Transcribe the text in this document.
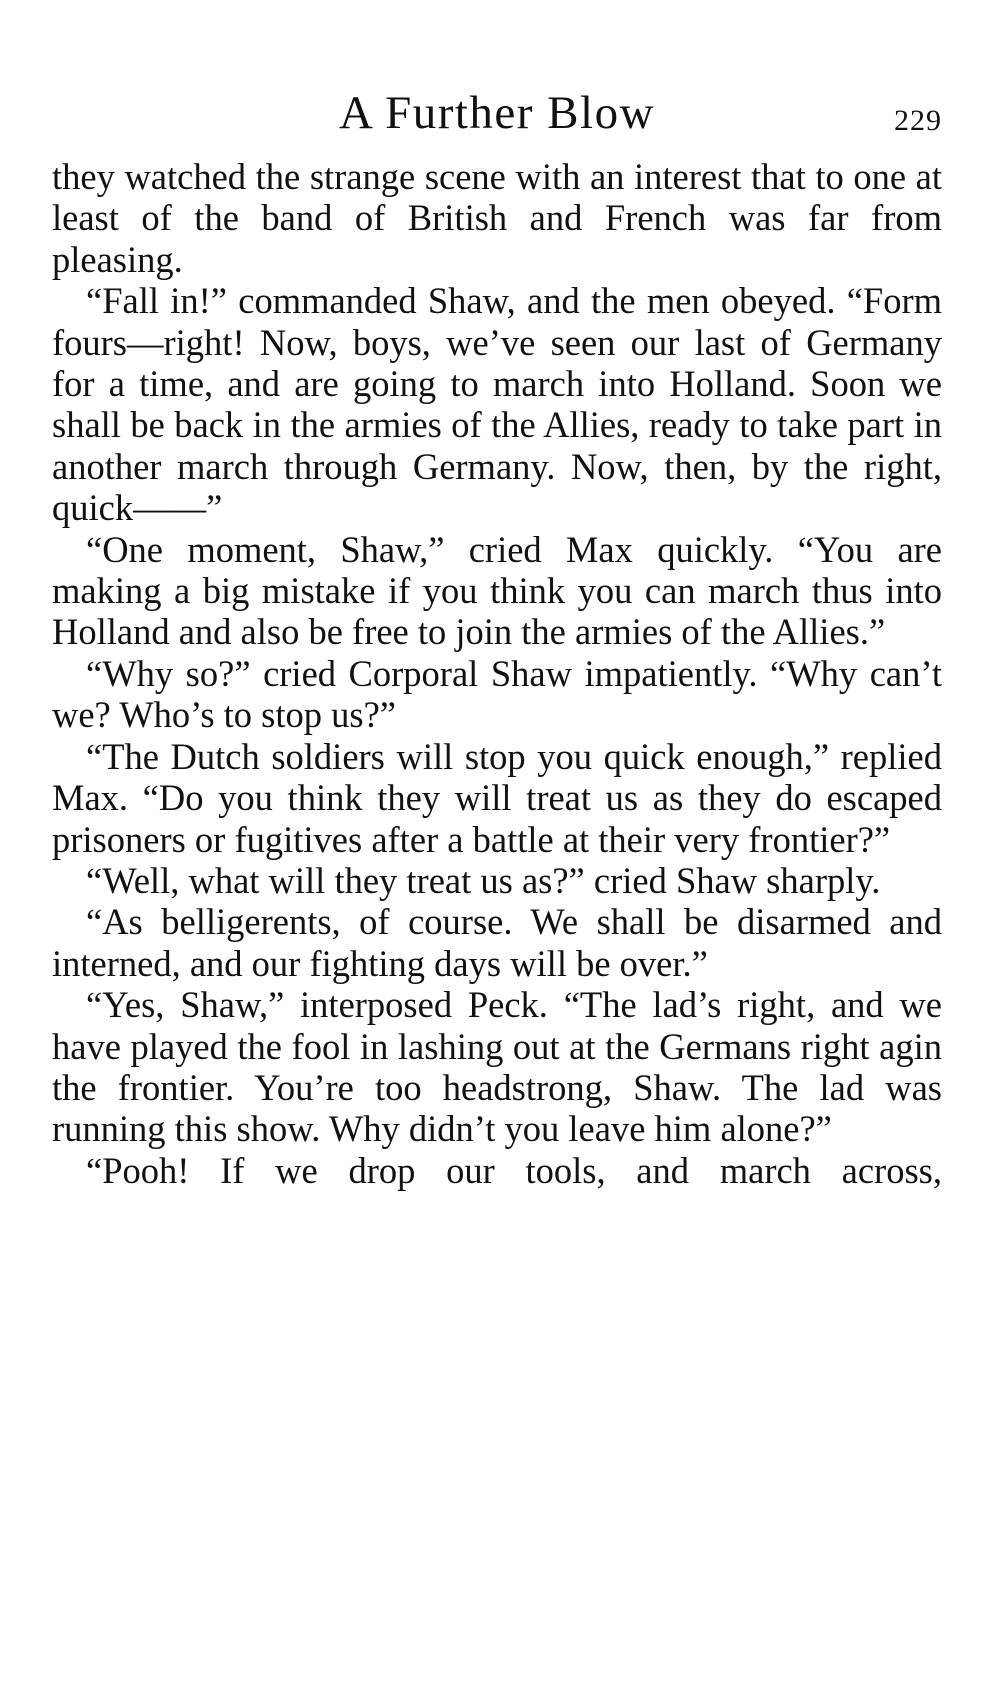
A Further Blow	229

they watched the strange scene with an interest that to one at least of the band of British and French was far from pleasing.

“Fall in!” commanded Shaw, and the men obeyed. “Form fours—right! Now, boys, we’ve seen our last of Germany for a time, and are going to march into Holland. Soon we shall be back in the armies of the Allies, ready to take part in another march through Germany. Now, then, by the right, quick——”

“One moment, Shaw,” cried Max quickly. “You are making a big mistake if you think you can march thus into Holland and also be free to join the armies of the Allies.”

“Why so?” cried Corporal Shaw impatiently. “Why can’t we? Who’s to stop us?”

“The Dutch soldiers will stop you quick enough,” replied Max. “Do you think they will treat us as they do escaped prisoners or fugitives after a battle at their very frontier?”

“Well, what will they treat us as?” cried Shaw sharply.

“As belligerents, of course. We shall be disarmed and interned, and our fighting days will be over.”

“Yes, Shaw,” interposed Peck. “The lad’s right, and we have played the fool in lashing out at the Germans right agin the frontier. You’re too headstrong, Shaw. The lad was running this show. Why didn’t you leave him alone?”

“Pooh! If we drop our tools, and march across,
